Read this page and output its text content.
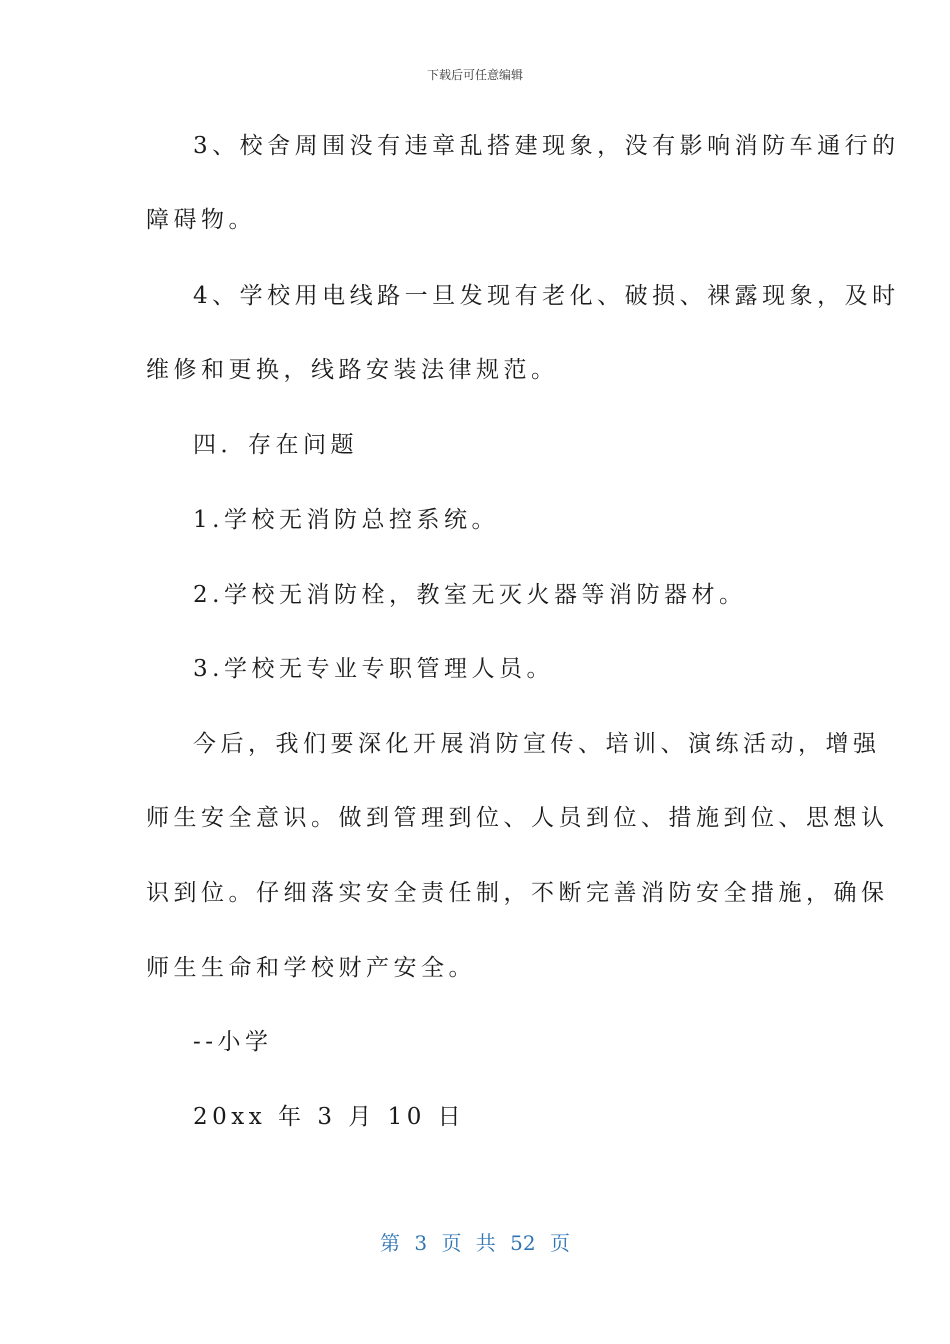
下载后可任意编辑
3、校舍周围没有违章乱搭建现象，没有影响消防车通行的
障碍物。
4、学校用电线路一旦发现有老化、破损、裸露现象，及时
维修和更换，线路安装法律规范。
四．存在问题
1.学校无消防总控系统。
2.学校无消防栓，教室无灭火器等消防器材。
3.学校无专业专职管理人员。
今后，我们要深化开展消防宣传、培训、演练活动，增强
师生安全意识。做到管理到位、人员到位、措施到位、思想认
识到位。仔细落实安全责任制，不断完善消防安全措施，确保
师生生命和学校财产安全。
--小学
20xx 年 3 月 10 日
第 3 页 共 52 页
